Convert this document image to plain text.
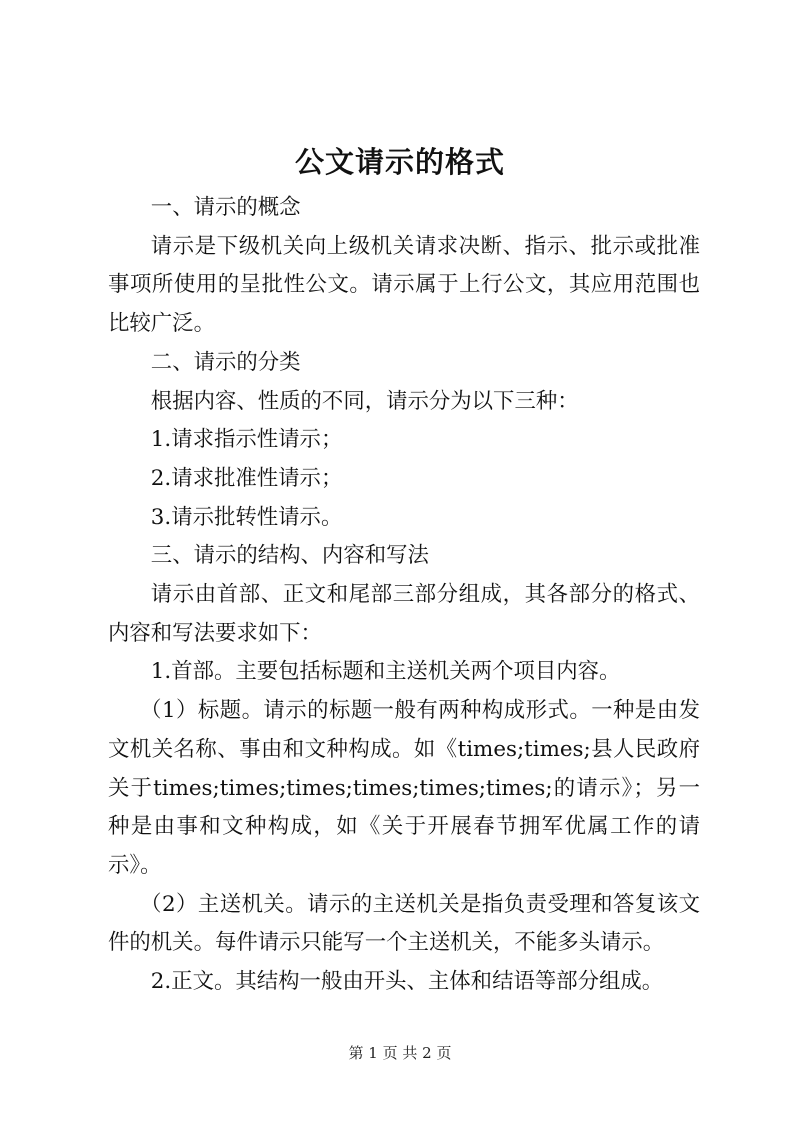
公文请示的格式

一、请示的概念

请示是下级机关向上级机关请求决断、指示、批示或批准事项所使用的呈批性公文。请示属于上行公文，其应用范围也比较广泛。

二、请示的分类

根据内容、性质的不同，请示分为以下三种：

1.请求指示性请示；

2.请求批准性请示；

3.请示批转性请示。

三、请示的结构、内容和写法

请示由首部、正文和尾部三部分组成，其各部分的格式、内容和写法要求如下：

1.首部。主要包括标题和主送机关两个项目内容。

（1）标题。请示的标题一般有两种构成形式。一种是由发文机关名称、事由和文种构成。如《times;times;县人民政府关于times;times;times;times;times;times;的请示》；另一种是由事和文种构成，如《关于开展春节拥军优属工作的请示》。

（2）主送机关。请示的主送机关是指负责受理和答复该文件的机关。每件请示只能写一个主送机关，不能多头请示。

2.正文。其结构一般由开头、主体和结语等部分组成。

第 1 页 共 2 页
